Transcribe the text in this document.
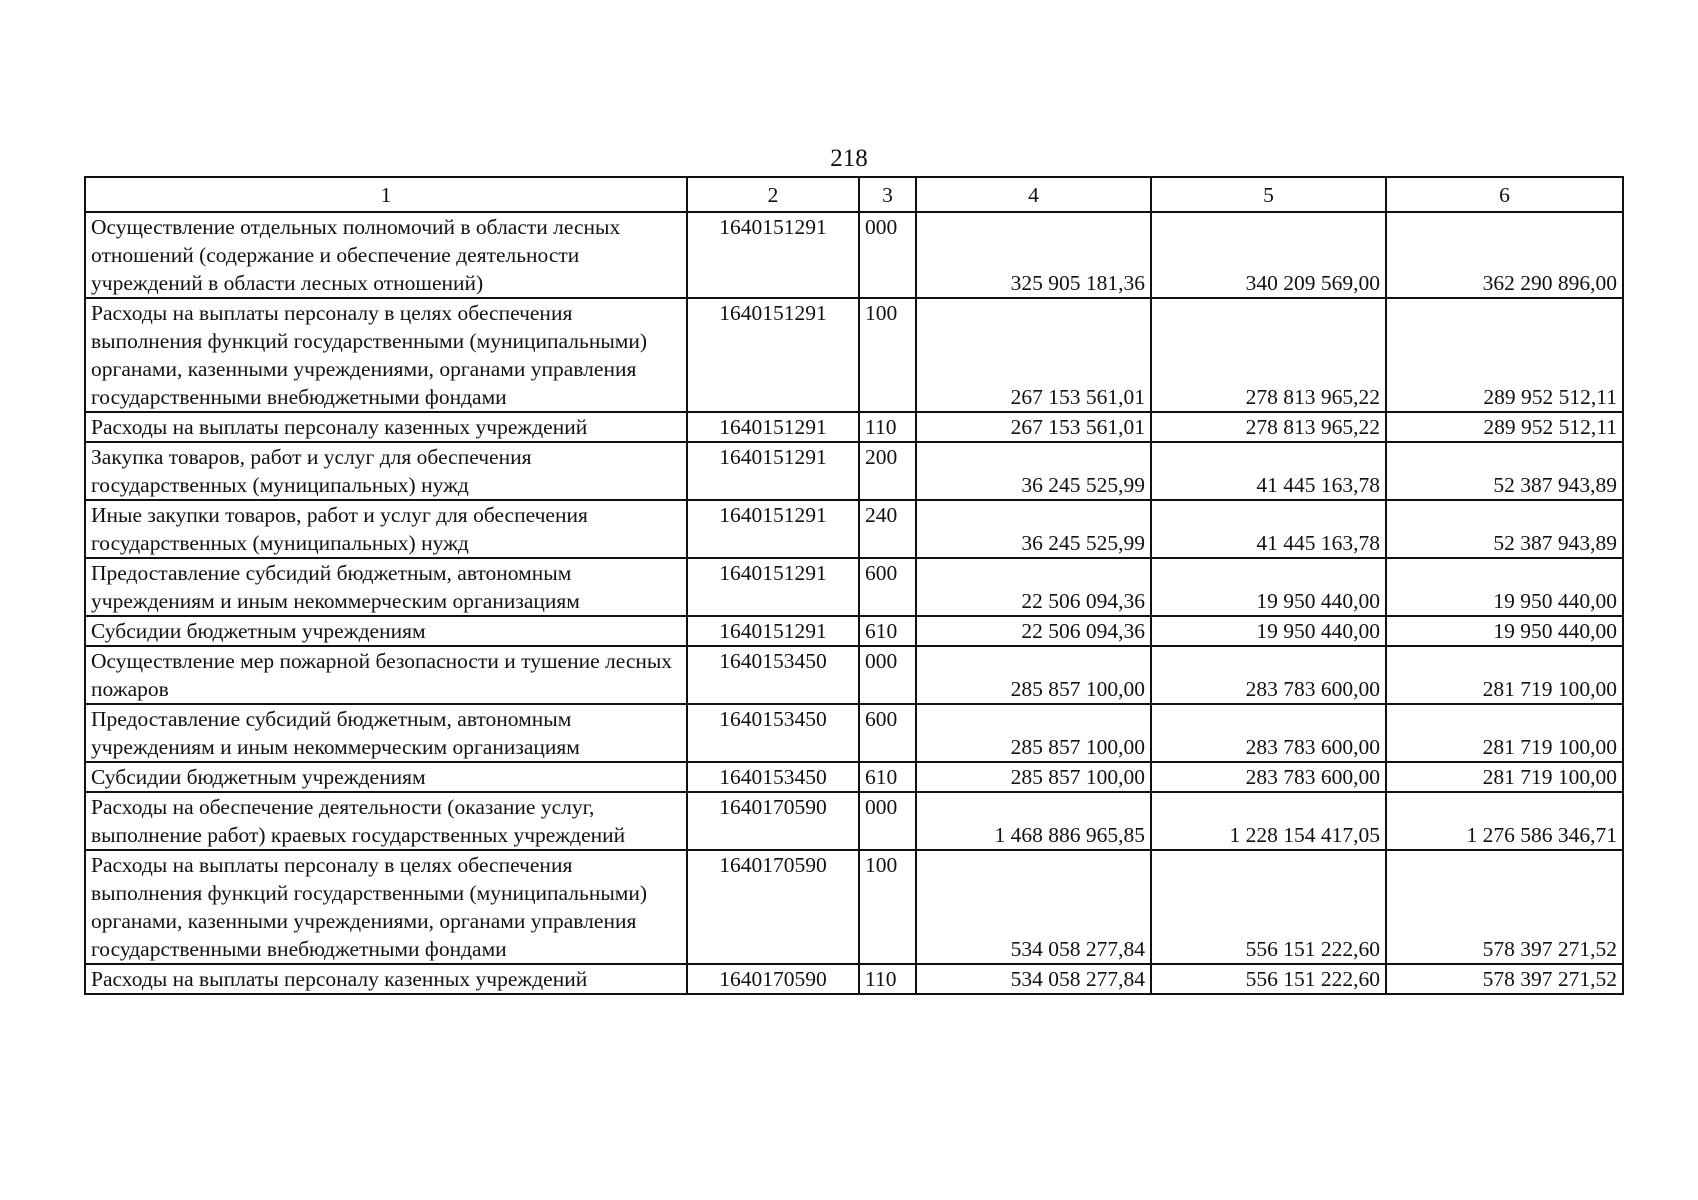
218
1	2	3	4	5	6
Осуществление отдельных полномочий в области лесных отношений (содержание и обеспечение деятельности учреждений в области лесных отношений)	1640151291	000	325 905 181,36	340 209 569,00	362 290 896,00
Расходы на выплаты персоналу в целях обеспечения выполнения функций государственными (муниципальными) органами, казенными учреждениями, органами управления государственными внебюджетными фондами	1640151291	100	267 153 561,01	278 813 965,22	289 952 512,11
Расходы на выплаты персоналу казенных учреждений	1640151291	110	267 153 561,01	278 813 965,22	289 952 512,11
Закупка товаров, работ и услуг для обеспечения государственных (муниципальных) нужд	1640151291	200	36 245 525,99	41 445 163,78	52 387 943,89
Иные закупки товаров, работ и услуг для обеспечения государственных (муниципальных) нужд	1640151291	240	36 245 525,99	41 445 163,78	52 387 943,89
Предоставление субсидий бюджетным, автономным учреждениям и иным некоммерческим организациям	1640151291	600	22 506 094,36	19 950 440,00	19 950 440,00
Субсидии бюджетным учреждениям	1640151291	610	22 506 094,36	19 950 440,00	19 950 440,00
Осуществление мер пожарной безопасности и тушение лесных пожаров	1640153450	000	285 857 100,00	283 783 600,00	281 719 100,00
Предоставление субсидий бюджетным, автономным учреждениям и иным некоммерческим организациям	1640153450	600	285 857 100,00	283 783 600,00	281 719 100,00
Субсидии бюджетным учреждениям	1640153450	610	285 857 100,00	283 783 600,00	281 719 100,00
Расходы на обеспечение деятельности (оказание услуг, выполнение работ) краевых государственных учреждений	1640170590	000	1 468 886 965,85	1 228 154 417,05	1 276 586 346,71
Расходы на выплаты персоналу в целях обеспечения выполнения функций государственными (муниципальными) органами, казенными учреждениями, органами управления государственными внебюджетными фондами	1640170590	100	534 058 277,84	556 151 222,60	578 397 271,52
Расходы на выплаты персоналу казенных учреждений	1640170590	110	534 058 277,84	556 151 222,60	578 397 271,52
